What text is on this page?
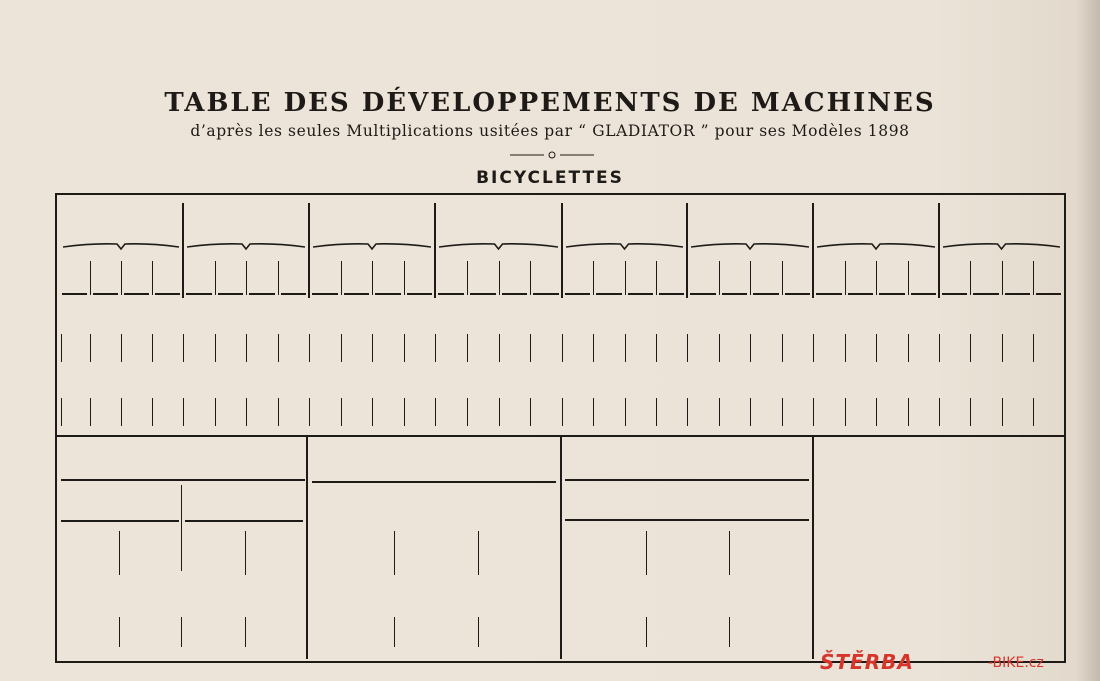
TABLE DES DÉVELOPPEMENTS DE MACHINES
d’après les seules Multiplications usitées par “ GLADIATOR ” pour ses Modèles 1898
BICYCLETTES
ŠTĚRBA	-BIKE.cz
